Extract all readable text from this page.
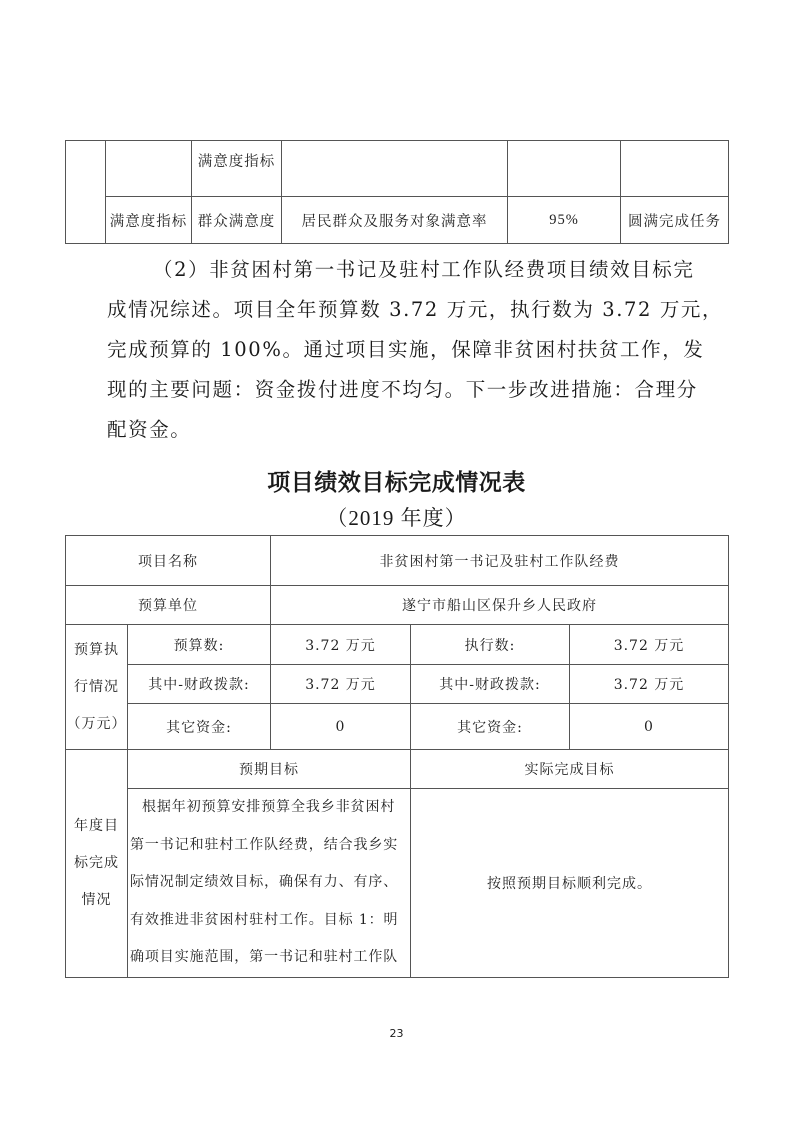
		满意度指标			
	满意度指标	群众满意度	居民群众及服务对象满意率	95%	圆满完成任务
（2）非贫困村第一书记及驻村工作队经费项目绩效目标完
成情况综述。项目全年预算数 3.72 万元，执行数为 3.72 万元，
完成预算的 100%。通过项目实施，保障非贫困村扶贫工作，发
现的主要问题：资金拨付进度不均匀。下一步改进措施：合理分
配资金。
项目绩效目标完成情况表
（2019 年度）
项目名称		非贫困村第一书记及驻村工作队经费		
预算单位		遂宁市船山区保升乡人民政府		

预算执
行情况
（万元）	预算数:	3.72 万元	执行数:	3.72 万元
	其中-财政拨款:	3.72 万元	其中-财政拨款:	3.72 万元
	其它资金:	0	其它资金:	0

年度目
标完成
情况	预期目标		实际完成目标	

	根据年初预算安排预算全我乡非贫困村
第一书记和驻村工作队经费，结合我乡实
际情况制定绩效目标，确保有力、有序、
有效推进非贫困村驻村工作。目标 1：明
确项目实施范围，第一书记和驻村工作队		按照预期目标顺利完成。	
23
